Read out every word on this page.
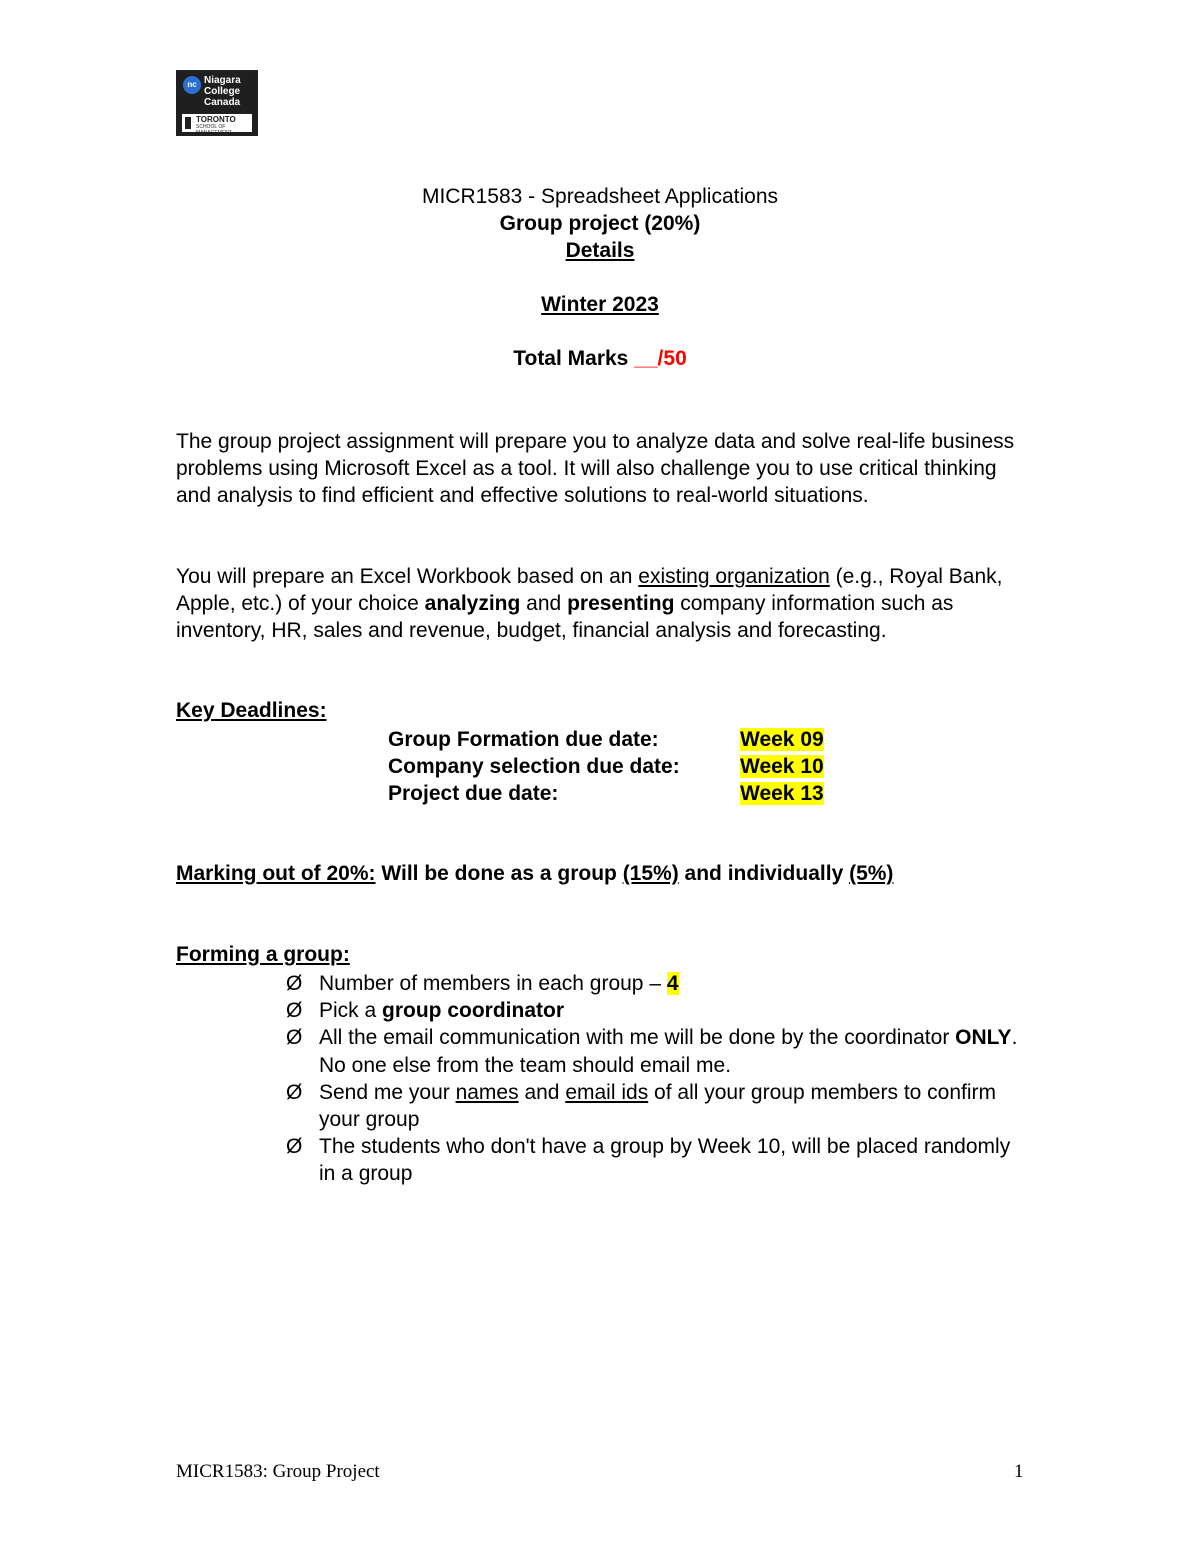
nc Niagara
College
Canada
TORONTO
SCHOOL OF MANAGEMENT
MICR1583 - Spreadsheet Applications
Group project (20%)
Details
Winter 2023
Total Marks __/50
The group project assignment will prepare you to analyze data and solve real-life business problems using Microsoft Excel as a tool. It will also challenge you to use critical thinking and analysis to find efficient and effective solutions to real-world situations.
You will prepare an Excel Workbook based on an existing organization (e.g., Royal Bank, Apple, etc.) of your choice analyzing and presenting company information such as inventory, HR, sales and revenue, budget, financial analysis and forecasting.
Key Deadlines:
Group Formation due date:	Week 09
Company selection due date:	Week 10
Project due date:	Week 13
Marking out of 20%: Will be done as a group (15%) and individually (5%)
Forming a group:
Ø Number of members in each group – 4
Ø Pick a group coordinator
Ø All the email communication with me will be done by the coordinator ONLY. No one else from the team should email me.
Ø Send me your names and email ids of all your group members to confirm your group
Ø The students who don't have a group by Week 10, will be placed randomly in a group
MICR1583: Group Project	1
